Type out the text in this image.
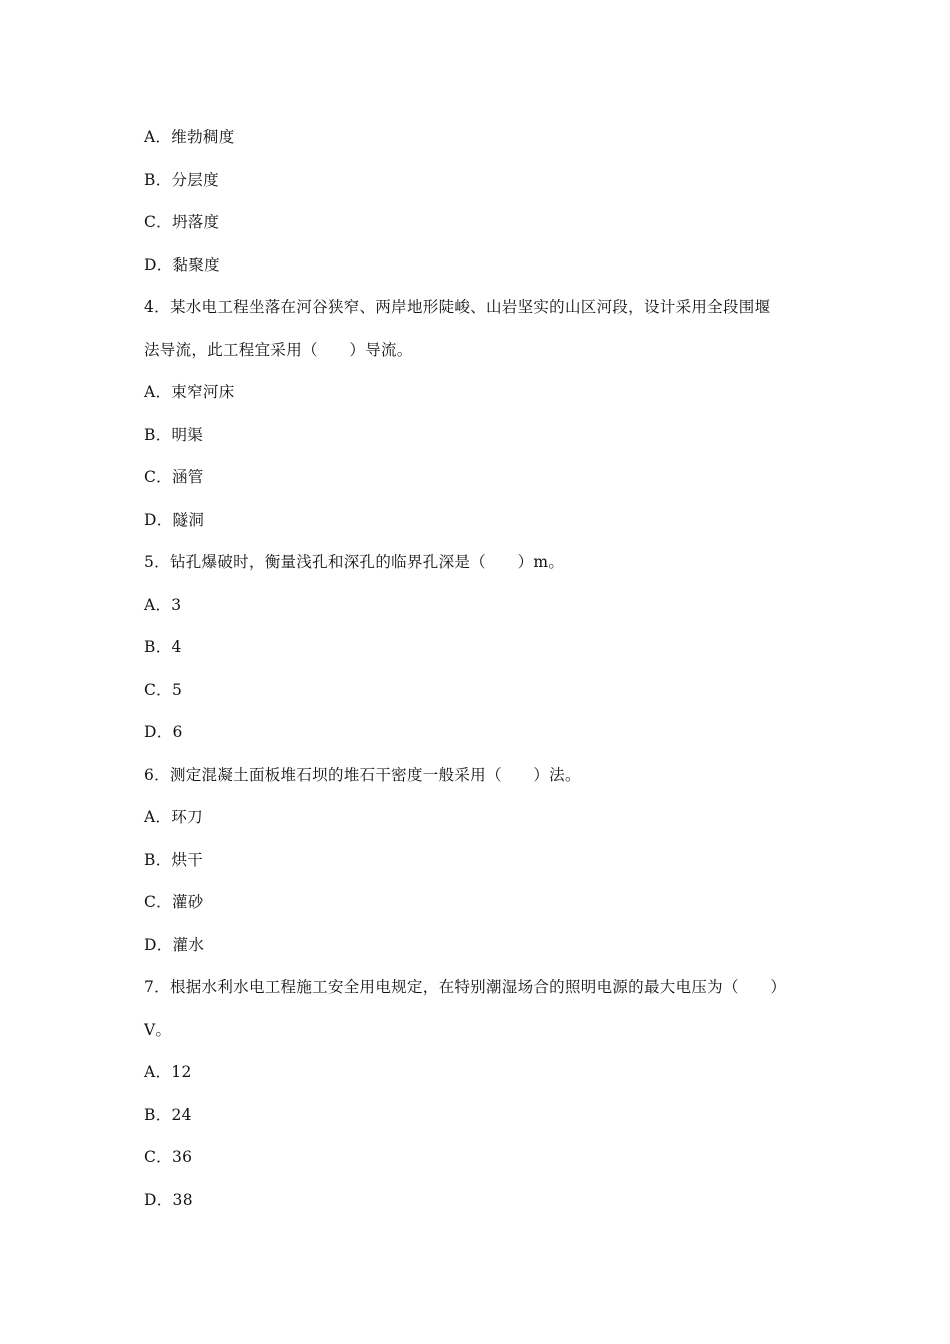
A．维勃稠度
B．分层度
C．坍落度
D．黏聚度
4．某水电工程坐落在河谷狭窄、两岸地形陡峻、山岩坚实的山区河段，设计采用全段围堰
法导流，此工程宜采用（　　）导流。
A．束窄河床
B．明渠
C．涵管
D．隧洞
5．钻孔爆破时，衡量浅孔和深孔的临界孔深是（　　）m。
A．3
B．4
C．5
D．6
6．测定混凝土面板堆石坝的堆石干密度一般采用（　　）法。
A．环刀
B．烘干
C．灌砂
D．灌水
7．根据水利水电工程施工安全用电规定，在特别潮湿场合的照明电源的最大电压为（　　）
V。
A．12
B．24
C．36
D．38
